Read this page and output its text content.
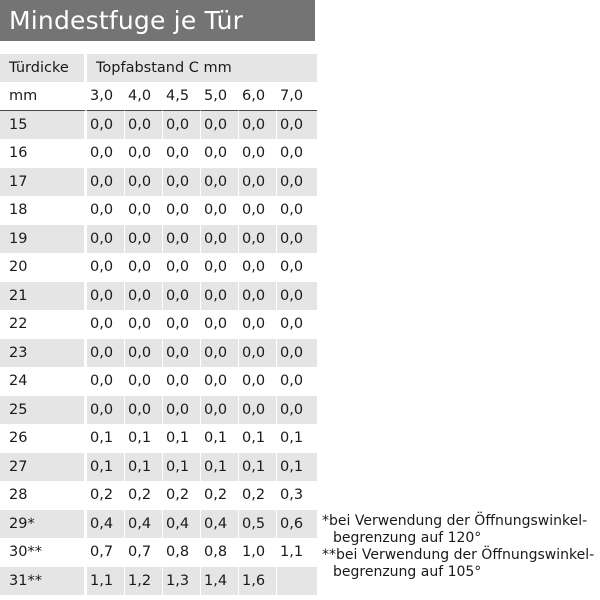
Mindestfuge je Tür
Türdicke	Topfabstand C mm					
mm	3,0	4,0	4,5	5,0	6,0	7,0
15	0,0	0,0	0,0	0,0	0,0	0,0
16	0,0	0,0	0,0	0,0	0,0	0,0
17	0,0	0,0	0,0	0,0	0,0	0,0
18	0,0	0,0	0,0	0,0	0,0	0,0
19	0,0	0,0	0,0	0,0	0,0	0,0
20	0,0	0,0	0,0	0,0	0,0	0,0
21	0,0	0,0	0,0	0,0	0,0	0,0
22	0,0	0,0	0,0	0,0	0,0	0,0
23	0,0	0,0	0,0	0,0	0,0	0,0
24	0,0	0,0	0,0	0,0	0,0	0,0
25	0,0	0,0	0,0	0,0	0,0	0,0
26	0,1	0,1	0,1	0,1	0,1	0,1
27	0,1	0,1	0,1	0,1	0,1	0,1
28	0,2	0,2	0,2	0,2	0,2	0,3
29*	0,4	0,4	0,4	0,4	0,5	0,6
30**	0,7	0,7	0,8	0,8	1,0	1,1
31**	1,1	1,2	1,3	1,4	1,6	
*bei Verwendung der Öffnungswinkel-
begrenzung auf 120°
**bei Verwendung der Öffnungswinkel-
begrenzung auf 105°
